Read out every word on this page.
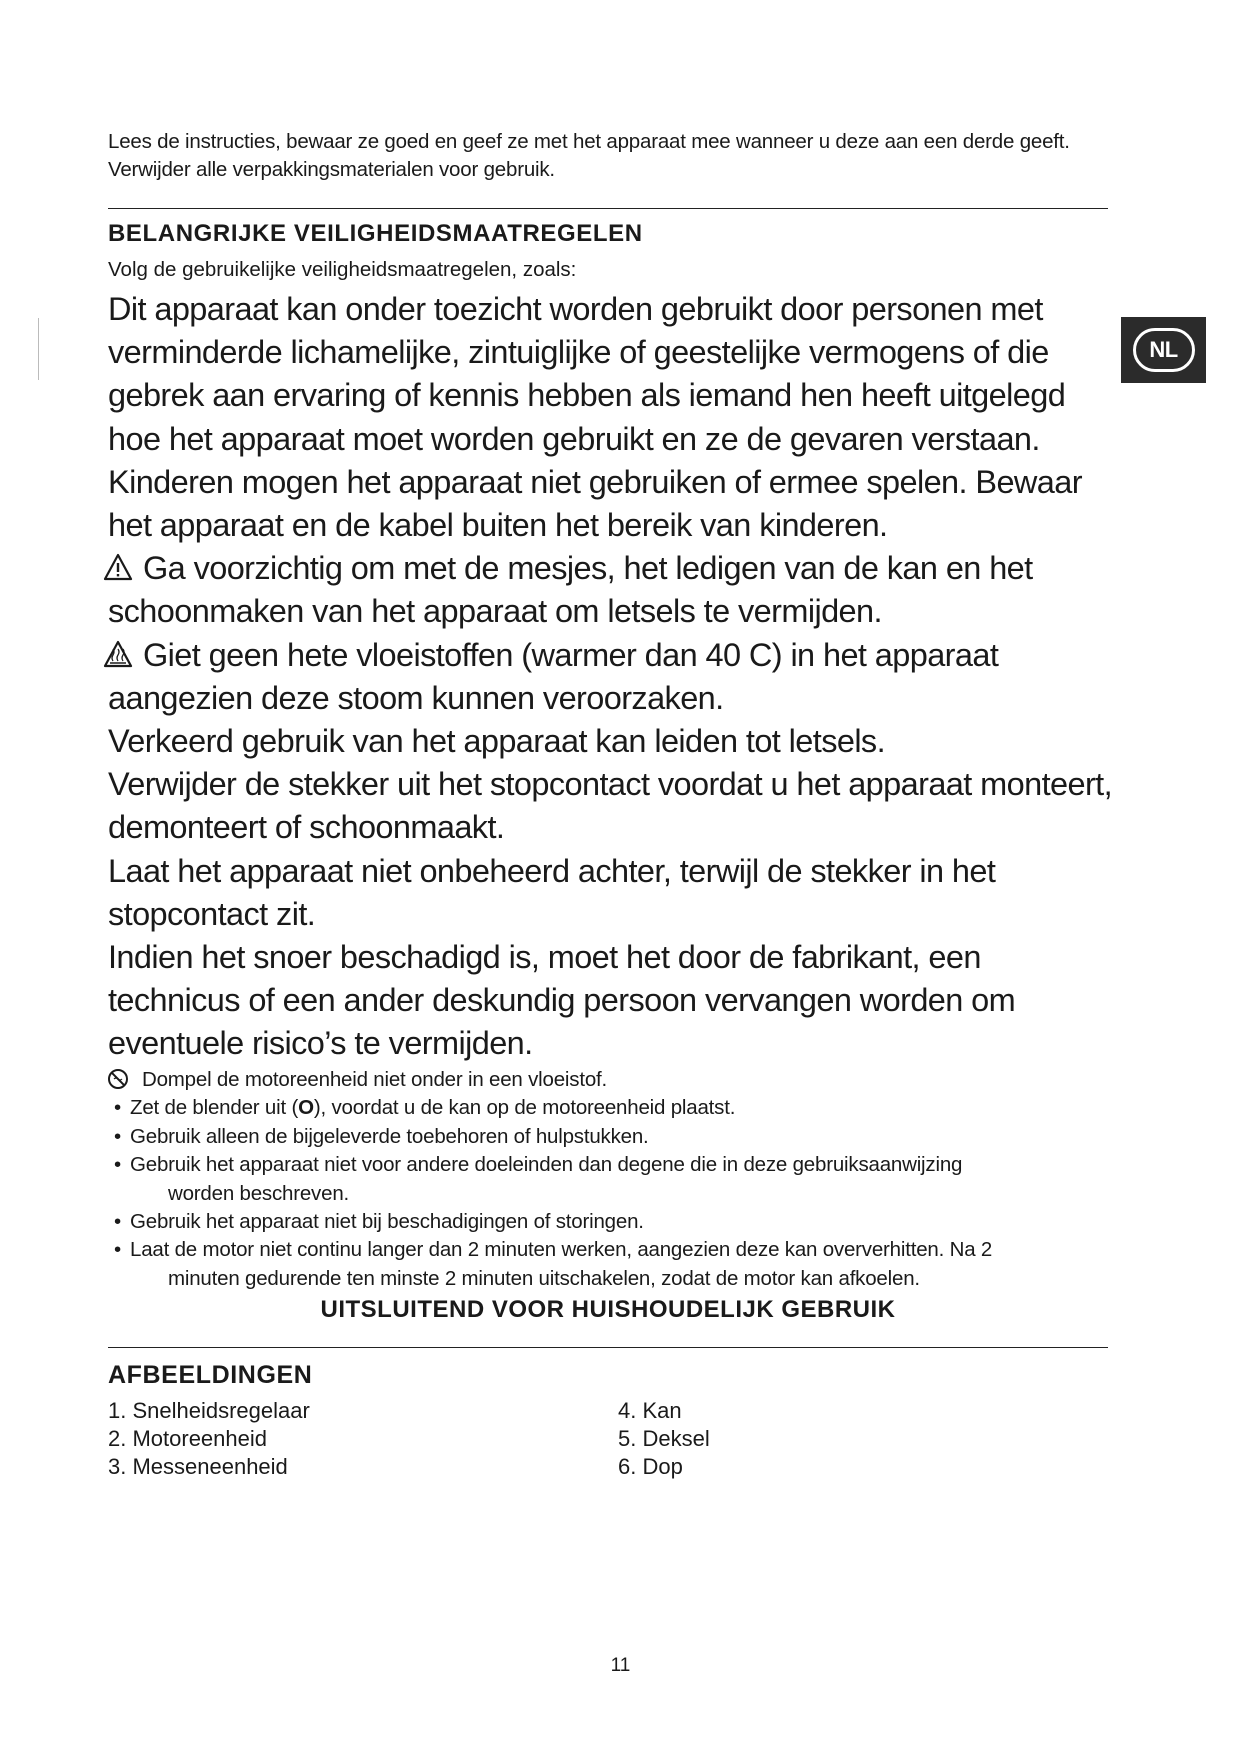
Lees de instructies, bewaar ze goed en geef ze met het apparaat mee wanneer u deze aan een derde geeft. Verwijder alle verpakkingsmaterialen voor gebruik.

BELANGRIJKE VEILIGHEIDSMAATREGELEN
Volg de gebruikelijke veiligheidsmaatregelen, zoals:
NL

Dit apparaat kan onder toezicht worden gebruikt door personen met verminderde lichamelijke, zintuiglijke of geestelijke vermogens of die gebrek aan ervaring of kennis hebben als iemand hen heeft uitgelegd hoe het apparaat moet worden gebruikt en ze de gevaren verstaan. Kinderen mogen het apparaat niet gebruiken of ermee spelen. Bewaar het apparaat en de kabel buiten het bereik van kinderen.

Ga voorzichtig om met de mesjes, het ledigen van de kan en het schoonmaken van het apparaat om letsels te vermijden.

Giet geen hete vloeistoffen (warmer dan 40 C) in het apparaat aangezien deze stoom kunnen veroorzaken.

Verkeerd gebruik van het apparaat kan leiden tot letsels.

Verwijder de stekker uit het stopcontact voordat u het apparaat monteert, demonteert of schoonmaakt.

Laat het apparaat niet onbeheerd achter, terwijl de stekker in het stopcontact zit.

Indien het snoer beschadigd is, moet het door de fabrikant, een technicus of een ander deskundig persoon vervangen worden om eventuele risico’s te vermijden.

Dompel de motoreenheid niet onder in een vloeistof.

• Zet de blender uit (O), voordat u de kan op de motoreenheid plaatst.

• Gebruik alleen de bijgeleverde toebehoren of hulpstukken.

• Gebruik het apparaat niet voor andere doeleinden dan degene die in deze gebruiksaanwijzing
worden beschreven.

• Gebruik het apparaat niet bij beschadigingen of storingen.

• Laat de motor niet continu langer dan 2 minuten werken, aangezien deze kan oververhitten. Na 2
minuten gedurende ten minste 2 minuten uitschakelen, zodat de motor kan afkoelen.

UITSLUITEND VOOR HUISHOUDELIJK GEBRUIK
AFBEELDINGEN
1. Snelheidsregelaar
2. Motoreenheid
3. Messeneenheid
4. Kan
5. Deksel
6. Dop
11
